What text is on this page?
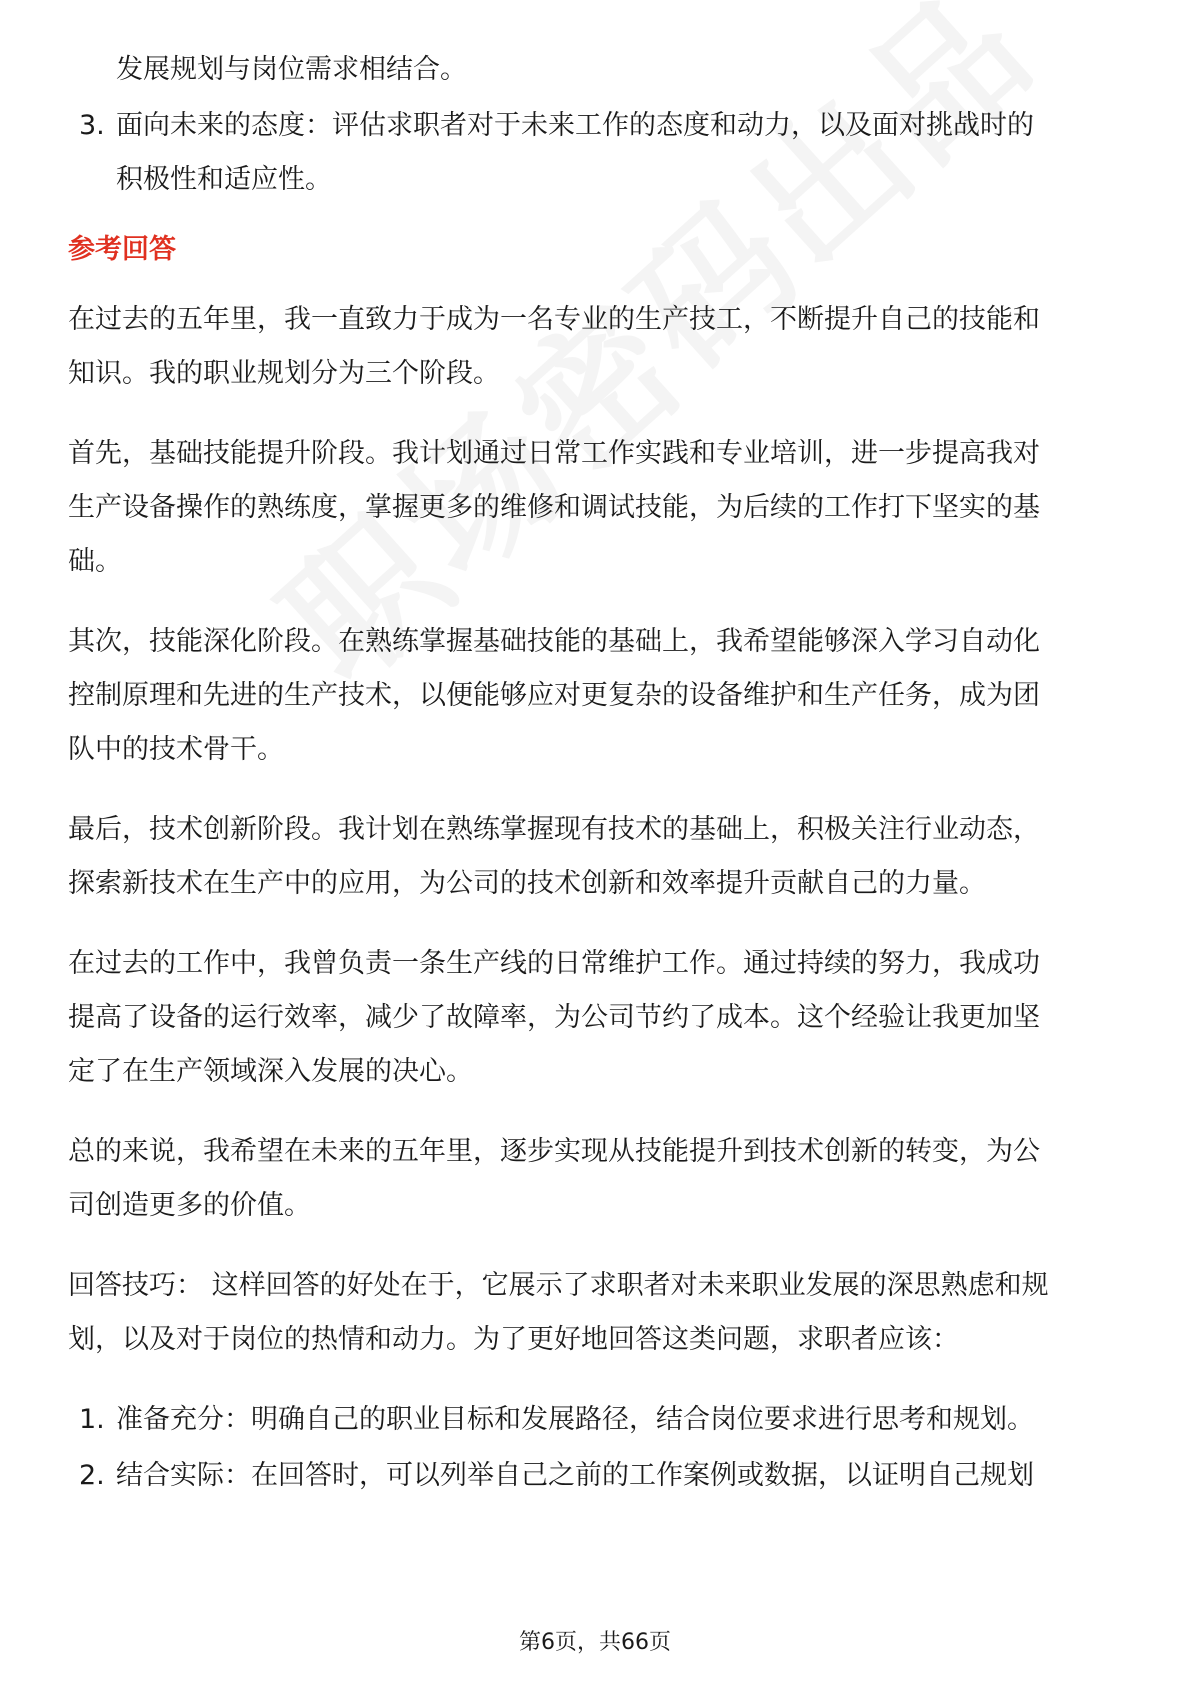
发展规划与岗位需求相结合。
3. 面向未来的态度：评估求职者对于未来工作的态度和动力，以及面对挑战时的
积极性和适应性。
参考回答
在过去的五年里，我一直致力于成为一名专业的生产技工，不断提升自己的技能和
知识。我的职业规划分为三个阶段。
首先，基础技能提升阶段。我计划通过日常工作实践和专业培训，进一步提高我对
生产设备操作的熟练度，掌握更多的维修和调试技能，为后续的工作打下坚实的基
础。
其次，技能深化阶段。在熟练掌握基础技能的基础上，我希望能够深入学习自动化
控制原理和先进的生产技术，以便能够应对更复杂的设备维护和生产任务，成为团
队中的技术骨干。
最后，技术创新阶段。我计划在熟练掌握现有技术的基础上，积极关注行业动态，
探索新技术在生产中的应用，为公司的技术创新和效率提升贡献自己的力量。
在过去的工作中，我曾负责一条生产线的日常维护工作。通过持续的努力，我成功
提高了设备的运行效率，减少了故障率，为公司节约了成本。这个经验让我更加坚
定了在生产领域深入发展的决心。
总的来说，我希望在未来的五年里，逐步实现从技能提升到技术创新的转变，为公
司创造更多的价值。
回答技巧： 这样回答的好处在于，它展示了求职者对未来职业发展的深思熟虑和规
划，以及对于岗位的热情和动力。为了更好地回答这类问题，求职者应该：
1. 准备充分：明确自己的职业目标和发展路径，结合岗位要求进行思考和规划。
2. 结合实际：在回答时，可以列举自己之前的工作案例或数据，以证明自己规划
第6页，共66页
